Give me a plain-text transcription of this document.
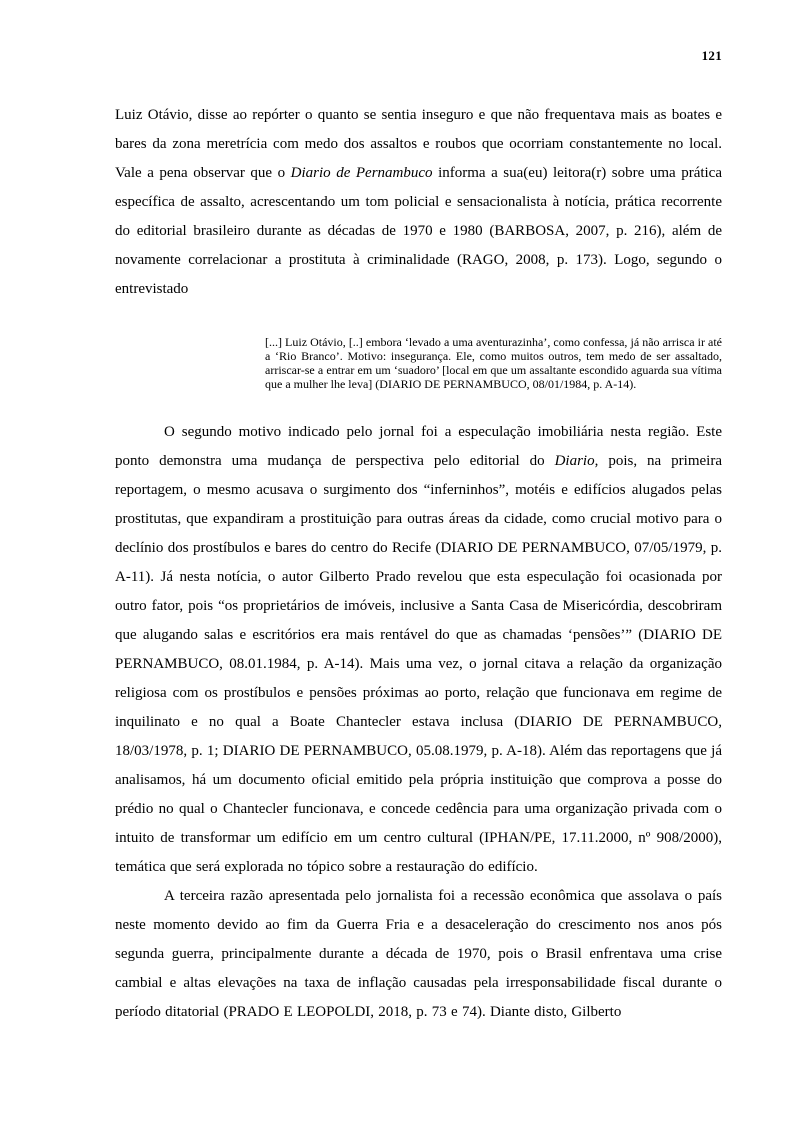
121

Luiz Otávio, disse ao repórter o quanto se sentia inseguro e que não frequentava mais as boates e bares da zona meretrícia com medo dos assaltos e roubos que ocorriam constantemente no local. Vale a pena observar que o Diario de Pernambuco informa a sua(eu) leitora(r) sobre uma prática específica de assalto, acrescentando um tom policial e sensacionalista à notícia, prática recorrente do editorial brasileiro durante as décadas de 1970 e 1980 (BARBOSA, 2007, p. 216), além de novamente correlacionar a prostituta à criminalidade (RAGO, 2008, p. 173). Logo, segundo o entrevistado

[...] Luiz Otávio, [..] embora ‘levado a uma aventurazinha’, como confessa, já não arrisca ir até a ‘Rio Branco’. Motivo: insegurança. Ele, como muitos outros, tem medo de ser assaltado, arriscar-se a entrar em um ‘suadoro’ [local em que um assaltante escondido aguarda sua vítima que a mulher lhe leva] (DIARIO DE PERNAMBUCO, 08/01/1984, p. A-14).

O segundo motivo indicado pelo jornal foi a especulação imobiliária nesta região. Este ponto demonstra uma mudança de perspectiva pelo editorial do Diario, pois, na primeira reportagem, o mesmo acusava o surgimento dos “inferninhos”, motéis e edifícios alugados pelas prostitutas, que expandiram a prostituição para outras áreas da cidade, como crucial motivo para o declínio dos prostíbulos e bares do centro do Recife (DIARIO DE PERNAMBUCO, 07/05/1979, p. A-11). Já nesta notícia, o autor Gilberto Prado revelou que esta especulação foi ocasionada por outro fator, pois “os proprietários de imóveis, inclusive a Santa Casa de Misericórdia, descobriram que alugando salas e escritórios era mais rentável do que as chamadas ‘pensões’” (DIARIO DE PERNAMBUCO, 08.01.1984, p. A-14). Mais uma vez, o jornal citava a relação da organização religiosa com os prostíbulos e pensões próximas ao porto, relação que funcionava em regime de inquilinato e no qual a Boate Chantecler estava inclusa (DIARIO DE PERNAMBUCO, 18/03/1978, p. 1; DIARIO DE PERNAMBUCO, 05.08.1979, p. A-18). Além das reportagens que já analisamos, há um documento oficial emitido pela própria instituição que comprova a posse do prédio no qual o Chantecler funcionava, e concede cedência para uma organização privada com o intuito de transformar um edifício em um centro cultural (IPHAN/PE, 17.11.2000, nº 908/2000), temática que será explorada no tópico sobre a restauração do edifício.

A terceira razão apresentada pelo jornalista foi a recessão econômica que assolava o país neste momento devido ao fim da Guerra Fria e a desaceleração do crescimento nos anos pós segunda guerra, principalmente durante a década de 1970, pois o Brasil enfrentava uma crise cambial e altas elevações na taxa de inflação causadas pela irresponsabilidade fiscal durante o período ditatorial (PRADO E LEOPOLDI, 2018, p. 73 e 74). Diante disto, Gilberto
